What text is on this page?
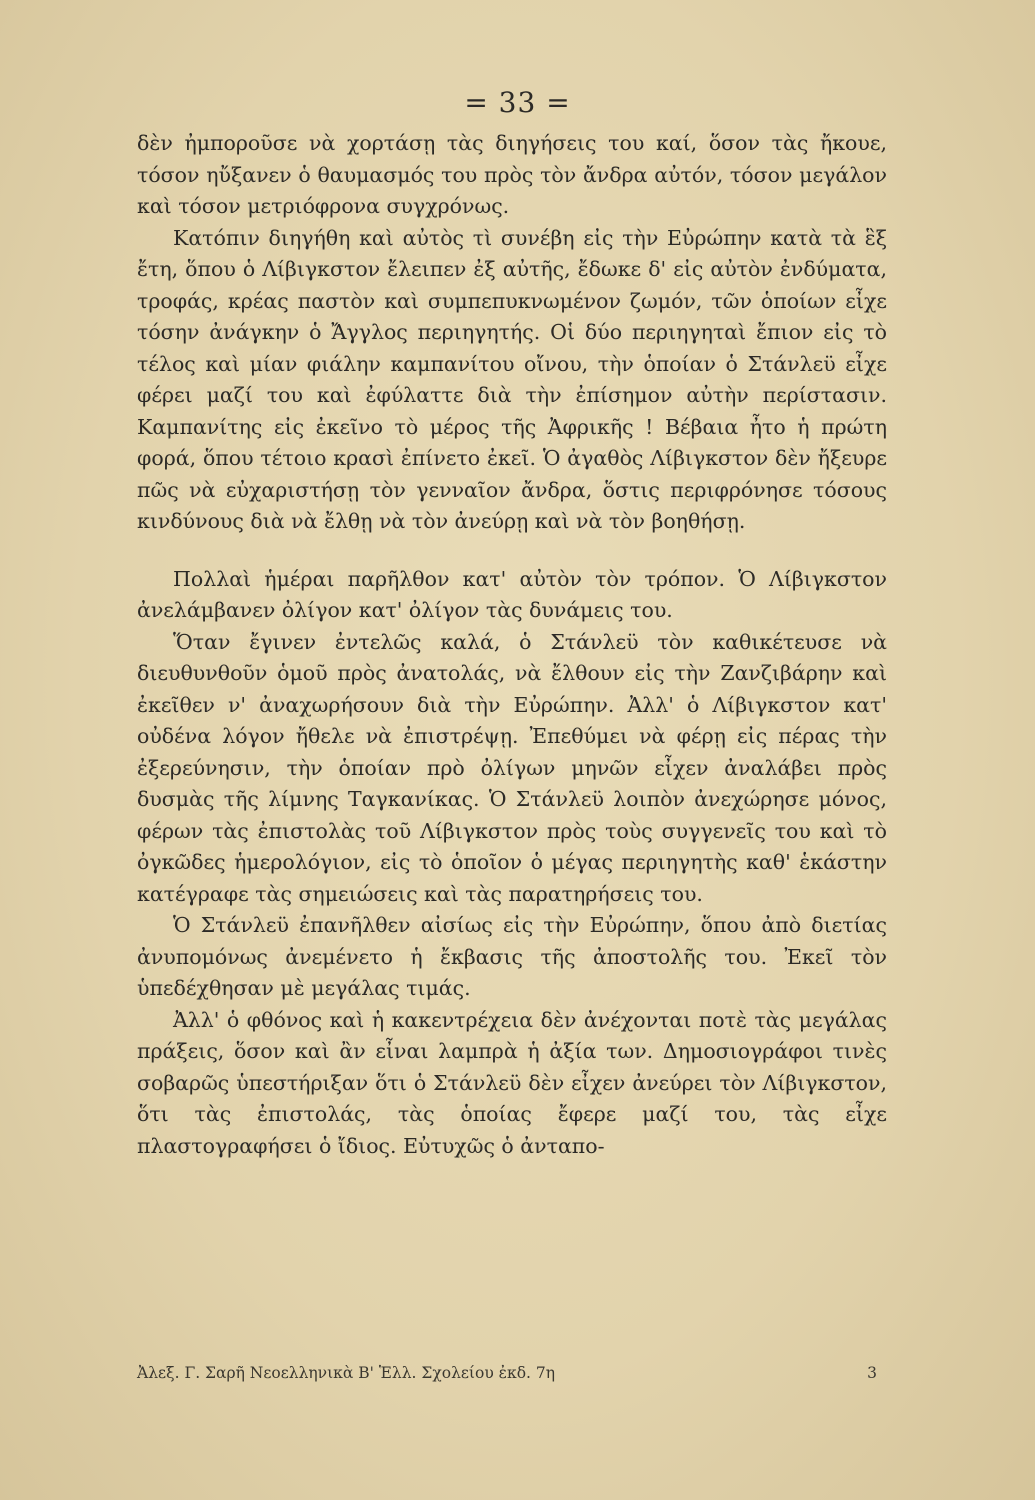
= 33 =

δὲν ἠμποροῦσε νὰ χορτάσῃ τὰς διηγήσεις του καί, ὅσον τὰς ἤκουε, τόσον ηὔξανεν ὁ θαυμασμός του πρὸς τὸν ἄνδρα αὐτόν, τόσον μεγάλον καὶ τόσον μετριόφρονα συγχρόνως.

Κατόπιν διηγήθη καὶ αὐτὸς τὶ συνέβη εἰς τὴν Εὐρώπην κατὰ τὰ ἓξ ἔτη, ὅπου ὁ Λίβιγκστον ἔλειπεν ἐξ αὐτῆς, ἔδωκε δ' εἰς αὐτὸν ἐνδύματα, τροφάς, κρέας παστὸν καὶ συμπεπυκνωμένον ζωμόν, τῶν ὁποίων εἶχε τόσην ἀνάγκην ὁ Ἄγγλος περιηγητής. Οἱ δύο περιηγηταὶ ἔπιον εἰς τὸ τέλος καὶ μίαν φιάλην καμπανίτου οἴνου, τὴν ὁποίαν ὁ Στάνλεϋ εἶχε φέρει μαζί του καὶ ἐφύλαττε διὰ τὴν ἐπίσημον αὐτὴν περίστασιν. Καμπανίτης εἰς ἐκεῖνο τὸ μέρος τῆς Ἀφρικῆς ! Βέβαια ἦτο ἡ πρώτη φορά, ὅπου τέτοιο κρασὶ ἐπίνετο ἐκεῖ. Ὁ ἀγαθὸς Λίβιγκστον δὲν ἤξευρε πῶς νὰ εὐχαριστήσῃ τὸν γενναῖον ἄνδρα, ὅστις περιφρόνησε τόσους κινδύνους διὰ νὰ ἔλθῃ νὰ τὸν ἀνεύρῃ καὶ νὰ τὸν βοηθήσῃ.

Πολλαὶ ἡμέραι παρῆλθον κατ' αὐτὸν τὸν τρόπον. Ὁ Λίβιγκστον ἀνελάμβανεν ὀλίγον κατ' ὀλίγον τὰς δυνάμεις του.

Ὅταν ἔγινεν ἐντελῶς καλά, ὁ Στάνλεϋ τὸν καθικέτευσε νὰ διευθυνθοῦν ὁμοῦ πρὸς ἀνατολάς, νὰ ἔλθουν εἰς τὴν Ζανζιβάρην καὶ ἐκεῖθεν ν' ἀναχωρήσουν διὰ τὴν Εὐρώπην. Ἀλλ' ὁ Λίβιγκστον κατ' οὐδένα λόγον ἤθελε νὰ ἐπιστρέψῃ. Ἐπεθύμει νὰ φέρῃ εἰς πέρας τὴν ἐξερεύνησιν, τὴν ὁποίαν πρὸ ὀλίγων μηνῶν εἶχεν ἀναλάβει πρὸς δυσμὰς τῆς λίμνης Ταγκανίκας. Ὁ Στάνλεϋ λοιπὸν ἀνεχώρησε μόνος, φέρων τὰς ἐπιστολὰς τοῦ Λίβιγκστον πρὸς τοὺς συγγενεῖς του καὶ τὸ ὀγκῶδες ἡμερολόγιον, εἰς τὸ ὁποῖον ὁ μέγας περιηγητὴς καθ' ἑκάστην κατέγραφε τὰς σημειώσεις καὶ τὰς παρατηρήσεις του.

Ὁ Στάνλεϋ ἐπανῆλθεν αἰσίως εἰς τὴν Εὐρώπην, ὅπου ἀπὸ διετίας ἀνυπομόνως ἀνεμένετο ἡ ἔκβασις τῆς ἀποστολῆς του. Ἐκεῖ τὸν ὑπεδέχθησαν μὲ μεγάλας τιμάς.

Ἀλλ' ὁ φθόνος καὶ ἡ κακεντρέχεια δὲν ἀνέχονται ποτὲ τὰς μεγάλας πράξεις, ὅσον καὶ ἂν εἶναι λαμπρὰ ἡ ἀξία των. Δημοσιογράφοι τινὲς σοβαρῶς ὑπεστήριξαν ὅτι ὁ Στάνλεϋ δὲν εἶχεν ἀνεύρει τὸν Λίβιγκστον, ὅτι τὰς ἐπιστολάς, τὰς ὁποίας ἔφερε μαζί του, τὰς εἶχε πλαστογραφήσει ὁ ἴδιος. Εὐτυχῶς ὁ ἀνταπο-

Ἀλεξ. Γ. Σαρῆ Νεοελληνικὰ Β' Ἑλλ. Σχολείου ἐκδ. 7η	3
